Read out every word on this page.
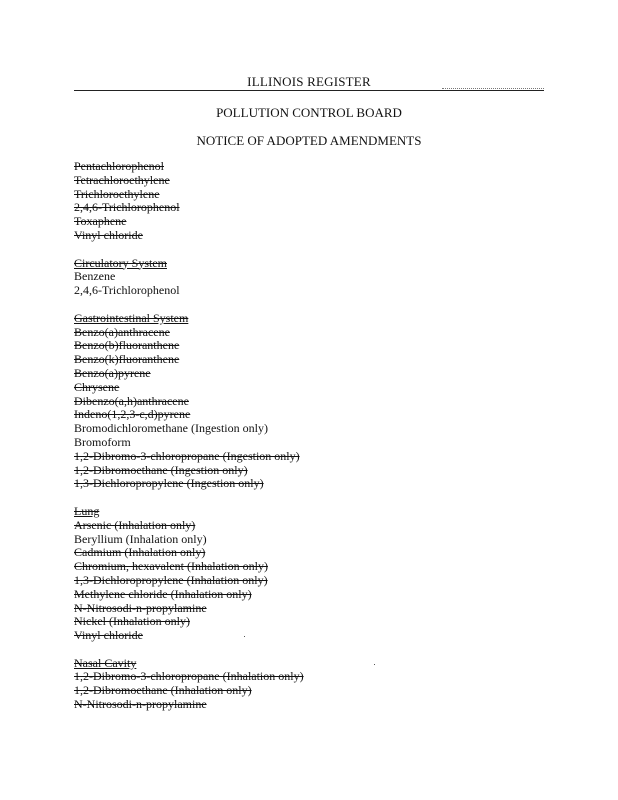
ILLINOIS REGISTER
POLLUTION CONTROL BOARD
NOTICE OF ADOPTED AMENDMENTS
Pentachlorophenol
Tetrachloroethylene
Trichloroethylene
2,4,6-Trichlorophenol
Toxaphene
Vinyl chloride
Circulatory System
Benzene
2,4,6-Trichlorophenol
Gastrointestinal System
Benzo(a)anthracene
Benzo(b)fluoranthene
Benzo(k)fluoranthene
Benzo(a)pyrene
Chrysene
Dibenzo(a,h)anthracene
Indeno(1,2,3-c,d)pyrene
Bromodichloromethane (Ingestion only)
Bromoform
1,2-Dibromo-3-chloropropane (Ingestion only)
1,2-Dibromoethane (Ingestion only)
1,3-Dichloropropylene (Ingestion only)
Lung
Arsenic (Inhalation only)
Beryllium (Inhalation only)
Cadmium (Inhalation only)
Chromium, hexavalent (Inhalation only)
1,3-Dichloropropylene (Inhalation only)
Methylene chloride (Inhalation only)
N-Nitrosodi-n-propylamine
Nickel (Inhalation only)
Vinyl chloride
Nasal Cavity
1,2-Dibromo-3-chloropropane (Inhalation only)
1,2-Dibromoethane (Inhalation only)
N-Nitrosodi-n-propylamine
